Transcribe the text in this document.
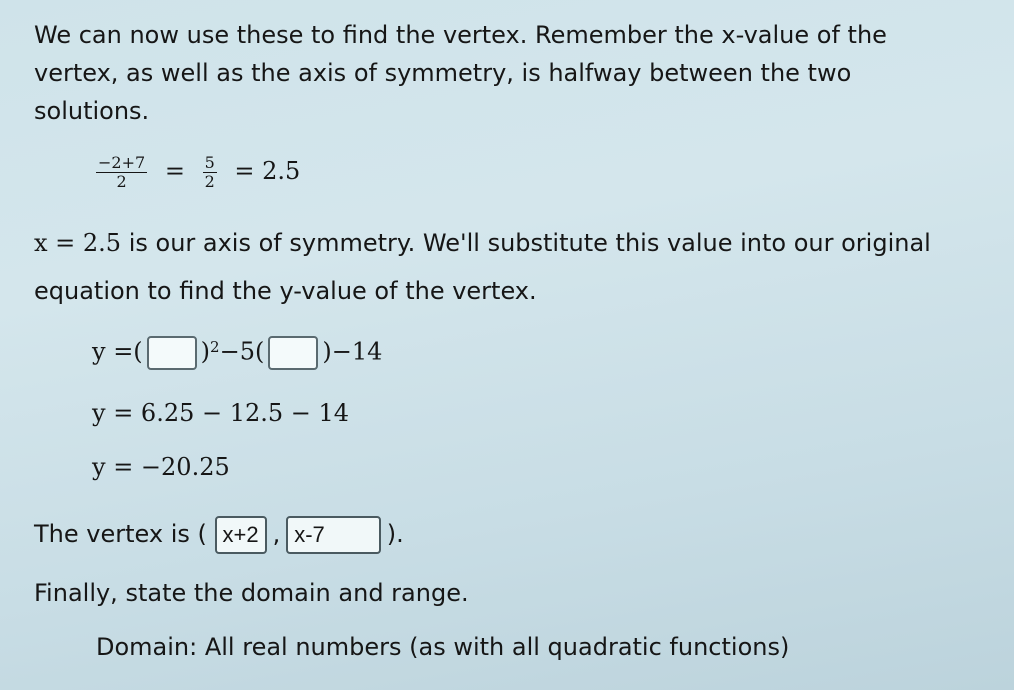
We can now use these to find the vertex. Remember the x-value of the
vertex, as well as the axis of symmetry, is halfway between the two
solutions.
$\frac{-2+7}{2} = \frac{5}{2} = 2.5$
x = 2.5 is our axis of symmetry. We'll substitute this value into our original
equation to find the y-value of the vertex.
y =( )$^2$−5( )−14
y = 6.25 − 12.5 − 14
y = −20.25
The vertex is ( x+2 , x-7	).
Finally, state the domain and range.
Domain: All real numbers (as with all quadratic functions)
